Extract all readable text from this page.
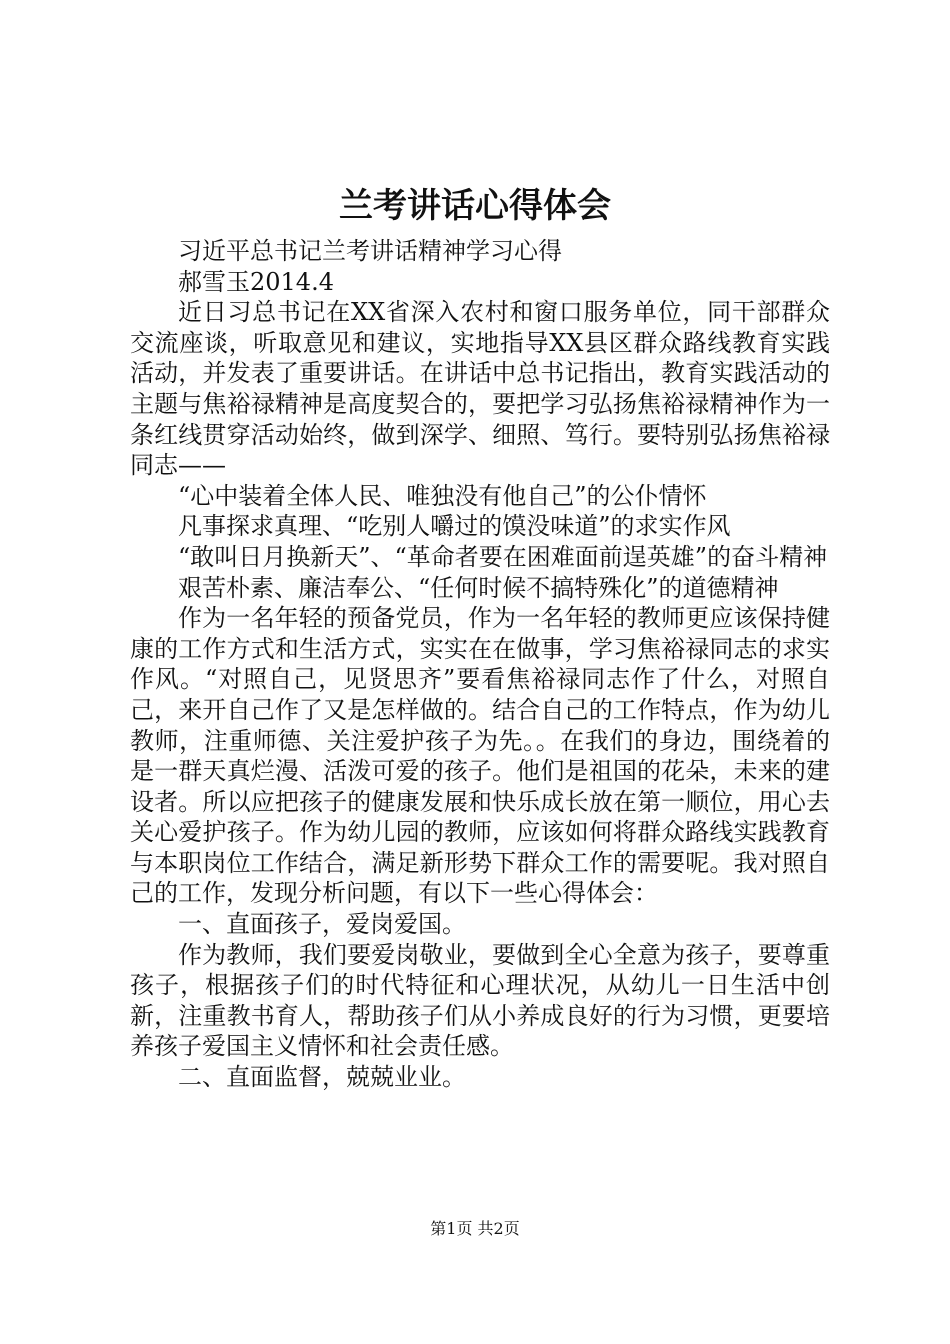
兰考讲话心得体会

习近平总书记兰考讲话精神学习心得

郝雪玉2014.4

近日习总书记在XX省深入农村和窗口服务单位，同干部群众交流座谈，听取意见和建议，实地指导XX县区群众路线教育实践活动，并发表了重要讲话。在讲话中总书记指出，教育实践活动的主题与焦裕禄精神是高度契合的，要把学习弘扬焦裕禄精神作为一条红线贯穿活动始终，做到深学、细照、笃行。要特别弘扬焦裕禄同志——

“心中装着全体人民、唯独没有他自己”的公仆情怀

凡事探求真理、“吃别人嚼过的馍没味道”的求实作风

“敢叫日月换新天”、“革命者要在困难面前逞英雄”的奋斗精神

艰苦朴素、廉洁奉公、“任何时候不搞特殊化”的道德精神

作为一名年轻的预备党员，作为一名年轻的教师更应该保持健康的工作方式和生活方式，实实在在做事，学习焦裕禄同志的求实作风。“对照自己，见贤思齐”要看焦裕禄同志作了什么，对照自己，来开自己作了又是怎样做的。结合自己的工作特点，作为幼儿教师，注重师德、关注爱护孩子为先。。在我们的身边，围绕着的是一群天真烂漫、活泼可爱的孩子。他们是祖国的花朵，未来的建设者。所以应把孩子的健康发展和快乐成长放在第一顺位，用心去关心爱护孩子。作为幼儿园的教师，应该如何将群众路线实践教育与本职岗位工作结合，满足新形势下群众工作的需要呢。我对照自己的工作，发现分析问题，有以下一些心得体会：

一、直面孩子，爱岗爱国。

作为教师，我们要爱岗敬业，要做到全心全意为孩子，要尊重孩子，根据孩子们的时代特征和心理状况，从幼儿一日生活中创新，注重教书育人，帮助孩子们从小养成良好的行为习惯，更要培养孩子爱国主义情怀和社会责任感。

二、直面监督，兢兢业业。

第1页 共2页
